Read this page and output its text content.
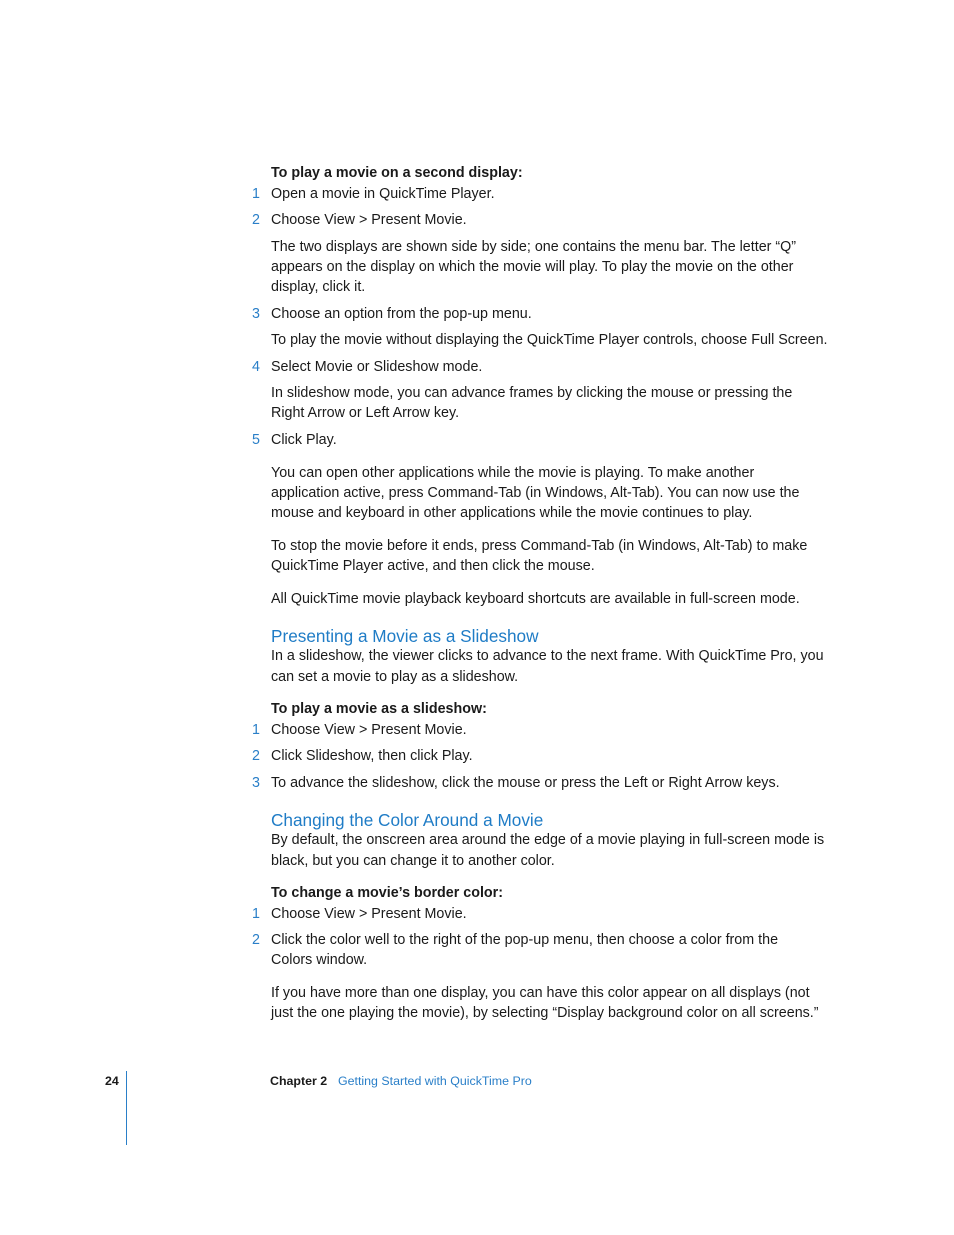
To play a movie on a second display:
1 Open a movie in QuickTime Player.
2 Choose View > Present Movie.
The two displays are shown side by side; one contains the menu bar. The letter “Q”
appears on the display on which the movie will play. To play the movie on the other
display, click it.
3 Choose an option from the pop-up menu.
To play the movie without displaying the QuickTime Player controls, choose Full Screen.
4 Select Movie or Slideshow mode.
In slideshow mode, you can advance frames by clicking the mouse or pressing the
Right Arrow or Left Arrow key.
5 Click Play.
You can open other applications while the movie is playing. To make another
application active, press Command-Tab (in Windows, Alt-Tab). You can now use the
mouse and keyboard in other applications while the movie continues to play.
To stop the movie before it ends, press Command-Tab (in Windows, Alt-Tab) to make
QuickTime Player active, and then click the mouse.
All QuickTime movie playback keyboard shortcuts are available in full-screen mode.
Presenting a Movie as a Slideshow
In a slideshow, the viewer clicks to advance to the next frame. With QuickTime Pro, you
can set a movie to play as a slideshow.
To play a movie as a slideshow:
1 Choose View > Present Movie.
2 Click Slideshow, then click Play.
3 To advance the slideshow, click the mouse or press the Left or Right Arrow keys.
Changing the Color Around a Movie
By default, the onscreen area around the edge of a movie playing in full-screen mode is
black, but you can change it to another color.
To change a movie’s border color:
1 Choose View > Present Movie.
2 Click the color well to the right of the pop-up menu, then choose a color from the
Colors window.
If you have more than one display, you can have this color appear on all displays (not
just the one playing the movie), by selecting “Display background color on all screens.”
24	Chapter 2 Getting Started with QuickTime Pro
